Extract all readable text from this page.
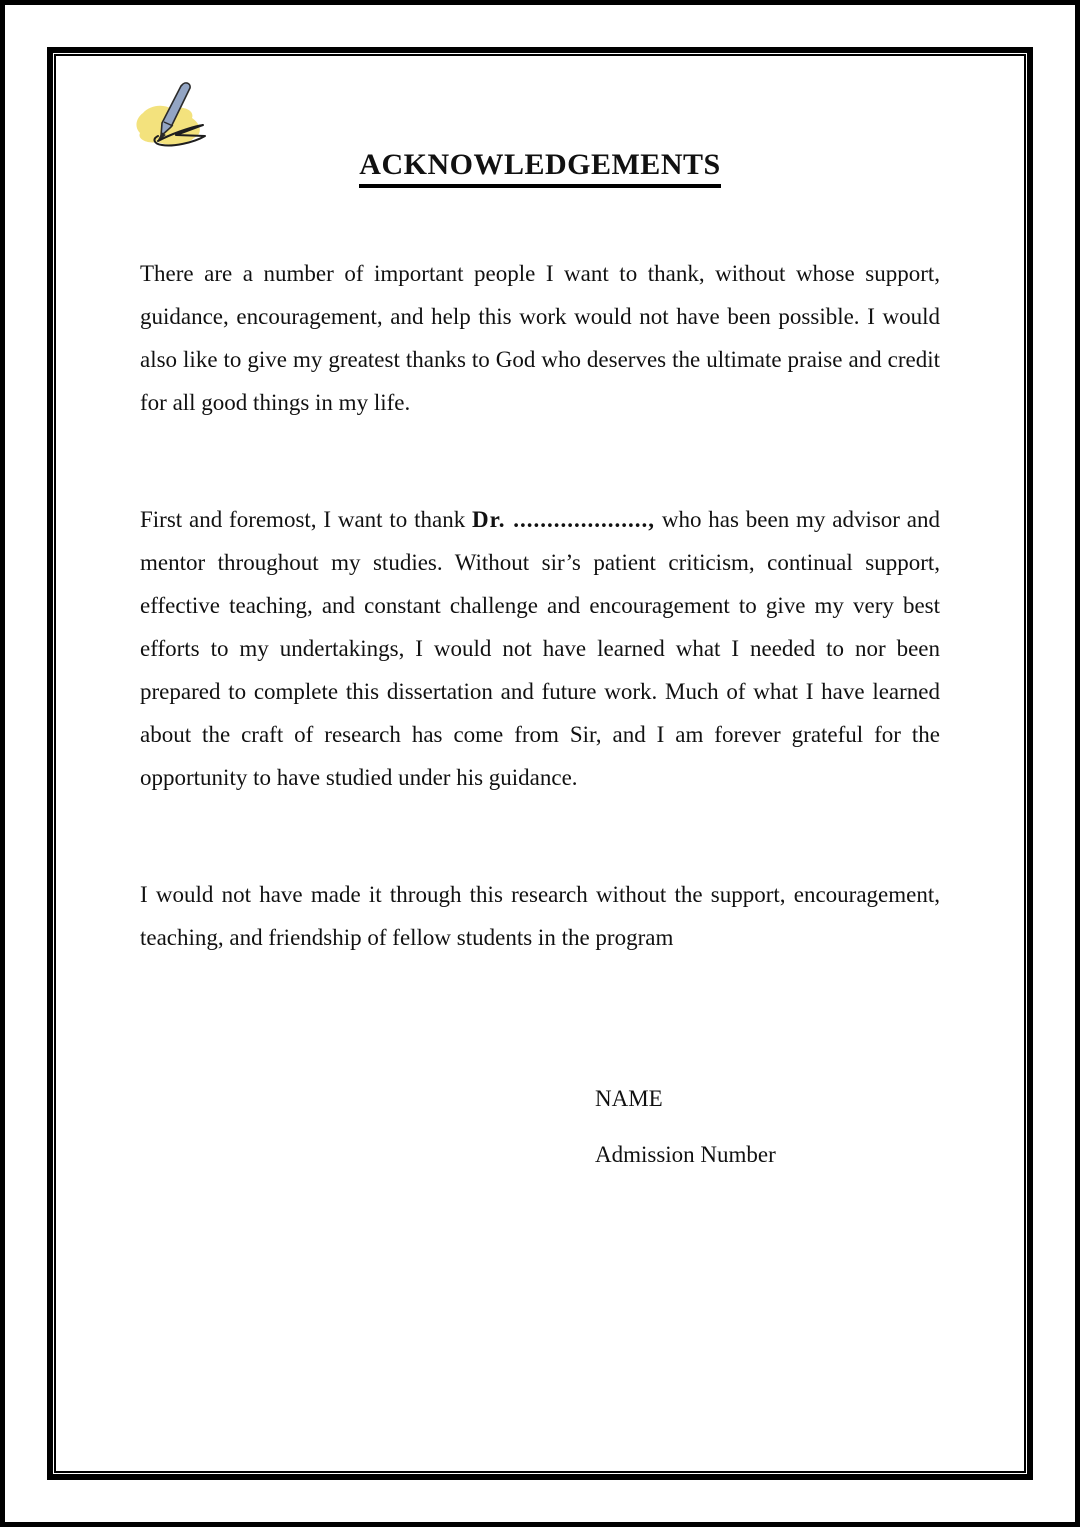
ACKNOWLEDGEMENTS

There are a number of important people I want to thank, without whose support, guidance, encouragement, and help this work would not have been possible. I would also like to give my greatest thanks to God who deserves the ultimate praise and credit for all good things in my life.

First and foremost, I want to thank Dr. ...................., who has been my advisor and mentor throughout my studies. Without sir’s patient criticism, continual support, effective teaching, and constant challenge and encouragement to give my very best efforts to my undertakings, I would not have learned what I needed to nor been prepared to complete this dissertation and future work. Much of what I have learned about the craft of research has come from Sir, and I am forever grateful for the opportunity to have studied under his guidance.

I would not have made it through this research without the support, encouragement, teaching, and friendship of fellow students in the program

NAME
Admission Number
